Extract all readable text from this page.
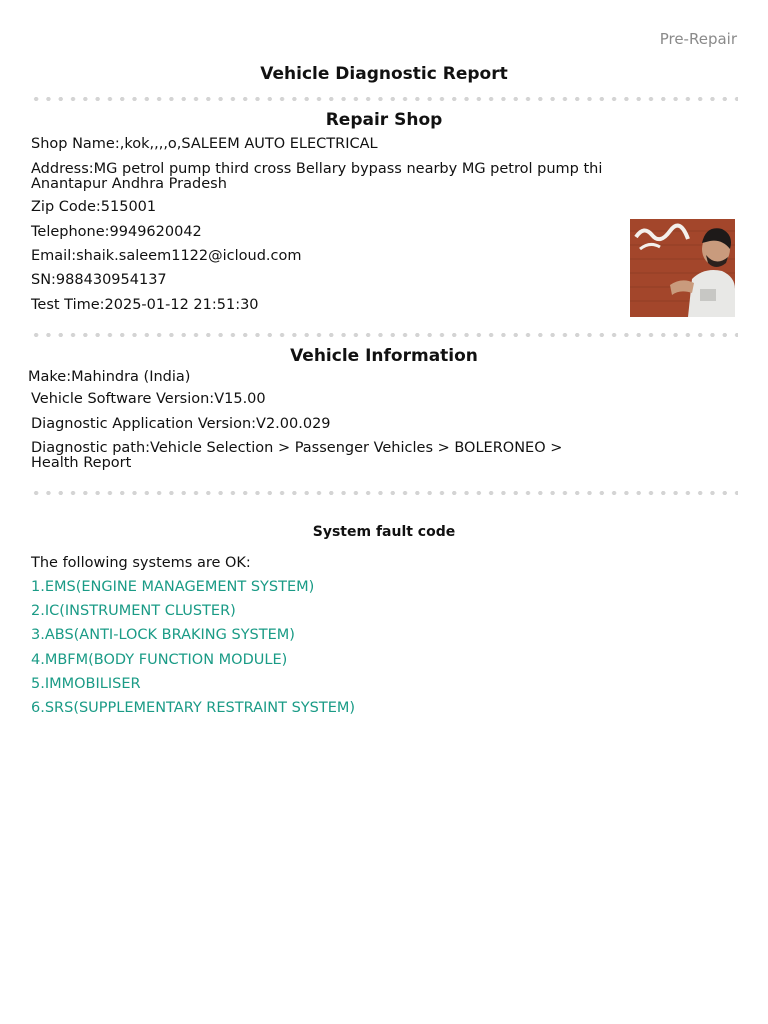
Pre-Repair
Vehicle Diagnostic Report
Repair Shop
Shop Name:,kok,,,,o,SALEEM AUTO ELECTRICAL
Address:MG petrol pump third cross Bellary bypass nearby MG petrol pump thi Anantapur Andhra Pradesh
Zip Code:515001
Telephone:9949620042
Email:shaik.saleem1122@icloud.com
SN:988430954137
Test Time:2025-01-12 21:51:30
Vehicle Information
Make:Mahindra (India)
Vehicle Software Version:V15.00
Diagnostic Application Version:V2.00.029
Diagnostic path:Vehicle Selection > Passenger Vehicles > BOLERONEO > Health Report
System fault code
The following systems are OK:
1.EMS(ENGINE MANAGEMENT SYSTEM)
2.IC(INSTRUMENT CLUSTER)
3.ABS(ANTI-LOCK BRAKING SYSTEM)
4.MBFM(BODY FUNCTION MODULE)
5.IMMOBILISER
6.SRS(SUPPLEMENTARY RESTRAINT SYSTEM)
